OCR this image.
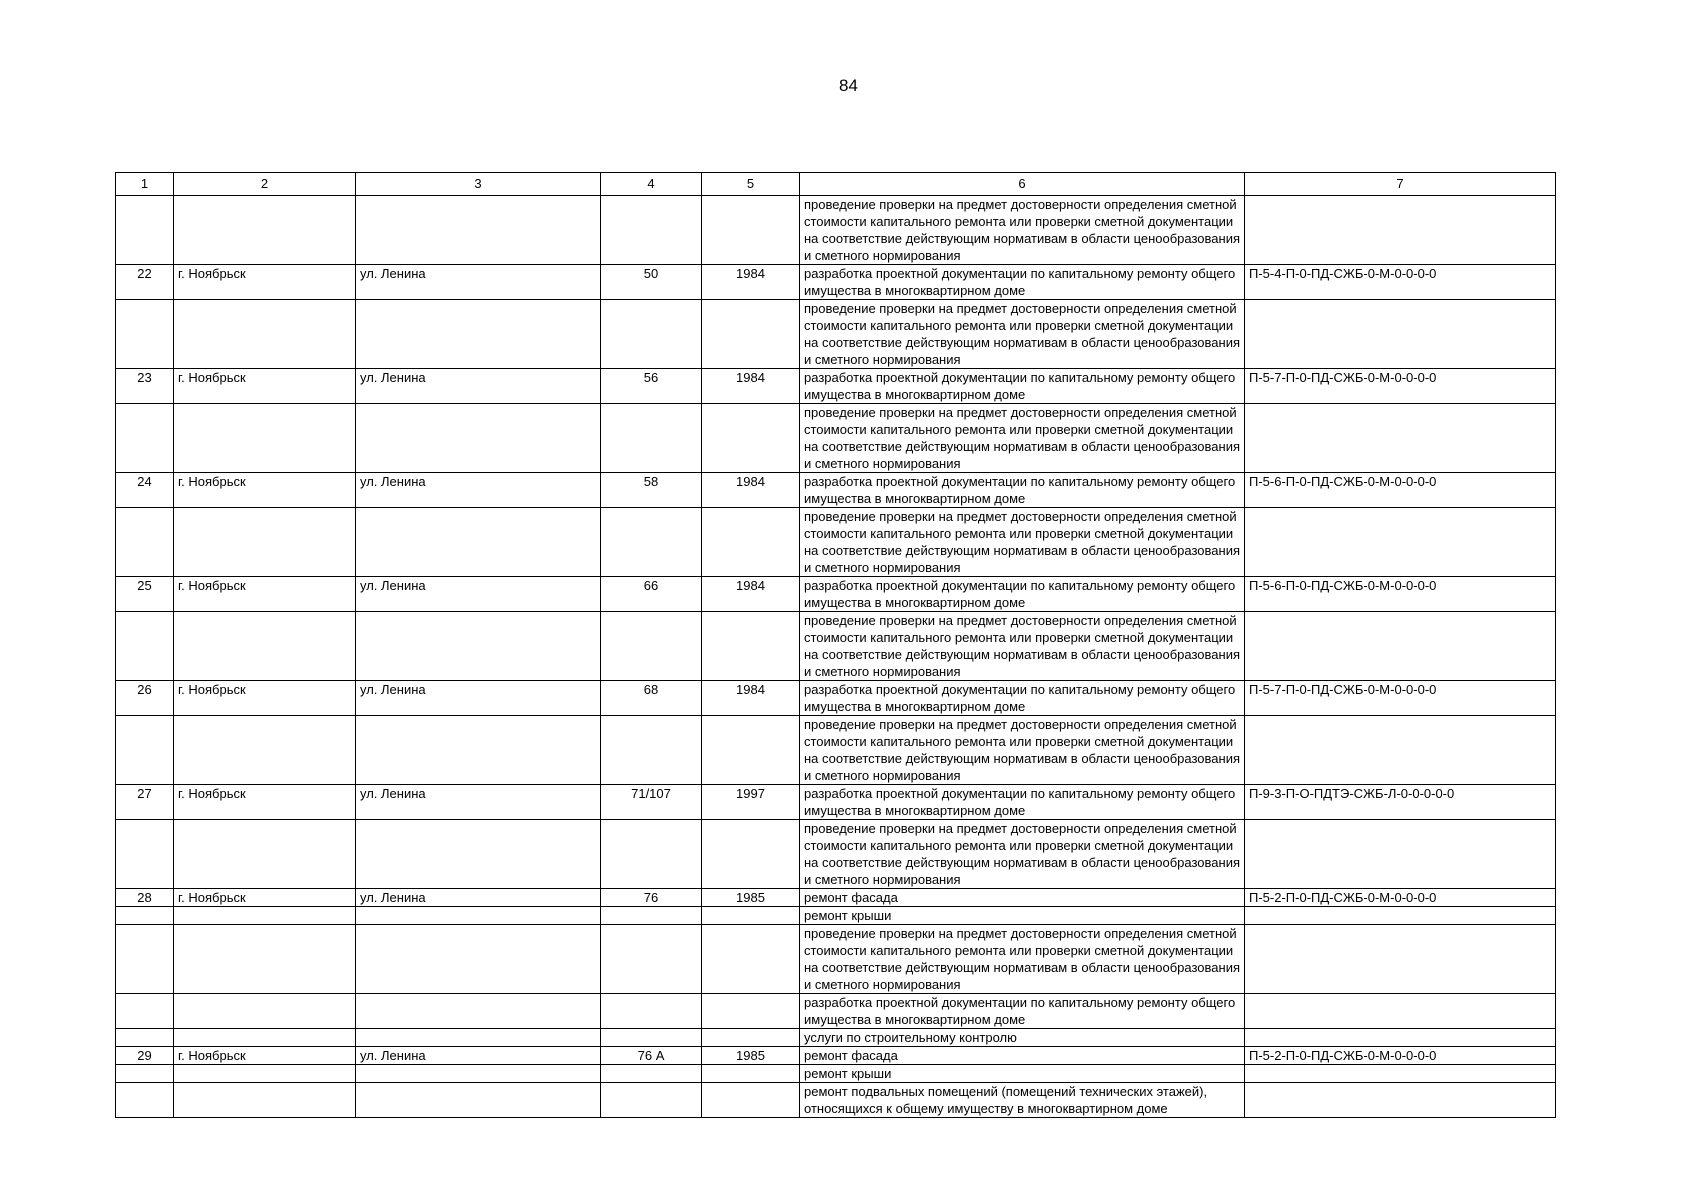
84
1	2	3	4	5	6	7
					проведение проверки на предмет достоверности определения сметной стоимости капитального ремонта или проверки сметной документации на соответствие действующим нормативам в области ценообразования и сметного нормирования	
22	г. Ноябрьск	ул. Ленина	50	1984	разработка проектной документации по капитальному ремонту общего имущества в многоквартирном доме	П-5-4-П-0-ПД-СЖБ-0-М-0-0-0-0
					проведение проверки на предмет достоверности определения сметной стоимости капитального ремонта или проверки сметной документации на соответствие действующим нормативам в области ценообразования и сметного нормирования	
23	г. Ноябрьск	ул. Ленина	56	1984	разработка проектной документации по капитальному ремонту общего имущества в многоквартирном доме	П-5-7-П-0-ПД-СЖБ-0-М-0-0-0-0
					проведение проверки на предмет достоверности определения сметной стоимости капитального ремонта или проверки сметной документации на соответствие действующим нормативам в области ценообразования и сметного нормирования	
24	г. Ноябрьск	ул. Ленина	58	1984	разработка проектной документации по капитальному ремонту общего имущества в многоквартирном доме	П-5-6-П-0-ПД-СЖБ-0-М-0-0-0-0
					проведение проверки на предмет достоверности определения сметной стоимости капитального ремонта или проверки сметной документации на соответствие действующим нормативам в области ценообразования и сметного нормирования	
25	г. Ноябрьск	ул. Ленина	66	1984	разработка проектной документации по капитальному ремонту общего имущества в многоквартирном доме	П-5-6-П-0-ПД-СЖБ-0-М-0-0-0-0
					проведение проверки на предмет достоверности определения сметной стоимости капитального ремонта или проверки сметной документации на соответствие действующим нормативам в области ценообразования и сметного нормирования	
26	г. Ноябрьск	ул. Ленина	68	1984	разработка проектной документации по капитальному ремонту общего имущества в многоквартирном доме	П-5-7-П-0-ПД-СЖБ-0-М-0-0-0-0
					проведение проверки на предмет достоверности определения сметной стоимости капитального ремонта или проверки сметной документации на соответствие действующим нормативам в области ценообразования и сметного нормирования	
27	г. Ноябрьск	ул. Ленина	71/107	1997	разработка проектной документации по капитальному ремонту общего имущества в многоквартирном доме	П-9-3-П-О-ПДТЭ-СЖБ-Л-0-0-0-0-0
					проведение проверки на предмет достоверности определения сметной стоимости капитального ремонта или проверки сметной документации на соответствие действующим нормативам в области ценообразования и сметного нормирования	
28	г. Ноябрьск	ул. Ленина	76	1985	ремонт фасада	П-5-2-П-0-ПД-СЖБ-0-М-0-0-0-0
					ремонт крыши	
					проведение проверки на предмет достоверности определения сметной стоимости капитального ремонта или проверки сметной документации на соответствие действующим нормативам в области ценообразования и сметного нормирования	
					разработка проектной документации по капитальному ремонту общего имущества в многоквартирном доме	
					услуги по строительному контролю	
29	г. Ноябрьск	ул. Ленина	76 А	1985	ремонт фасада	П-5-2-П-0-ПД-СЖБ-0-М-0-0-0-0
					ремонт крыши	
					ремонт подвальных помещений (помещений технических этажей), относящихся к общему имуществу в многоквартирном доме	
